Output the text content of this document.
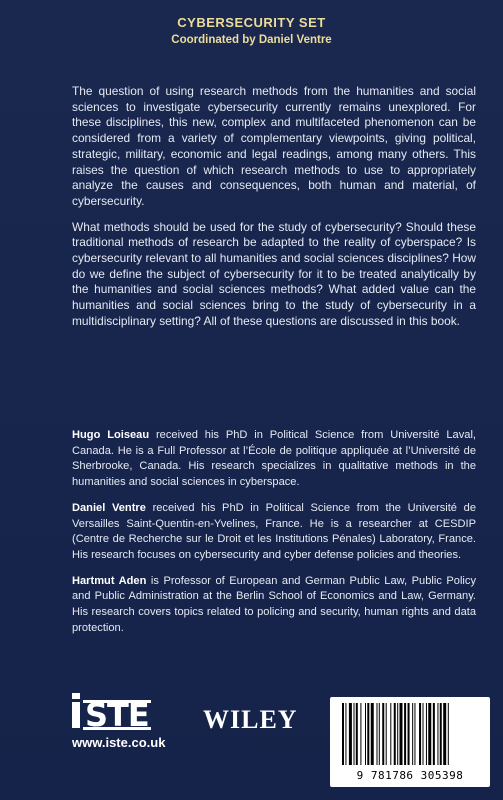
CYBERSECURITY SET
Coordinated by Daniel Ventre

The question of using research methods from the humanities and social sciences to investigate cybersecurity currently remains unexplored. For these disciplines, this new, complex and multifaceted phenomenon can be considered from a variety of complementary viewpoints, giving political, strategic, military, economic and legal readings, among many others. This raises the question of which research methods to use to appropriately analyze the causes and consequences, both human and material, of cybersecurity.

What methods should be used for the study of cybersecurity? Should these traditional methods of research be adapted to the reality of cyberspace? Is cybersecurity relevant to all humanities and social sciences disciplines? How do we define the subject of cybersecurity for it to be treated analytically by the humanities and social sciences methods? What added value can the humanities and social sciences bring to the study of cybersecurity in a multidisciplinary setting? All of these questions are discussed in this book.

Hugo Loiseau received his PhD in Political Science from Université Laval, Canada. He is a Full Professor at l’École de politique appliquée at l’Université de Sherbrooke, Canada. His research specializes in qualitative methods in the humanities and social sciences in cyberspace.

Daniel Ventre received his PhD in Political Science from the Université de Versailles Saint-Quentin-en-Yvelines, France. He is a researcher at CESDIP (Centre de Recherche sur le Droit et les Institutions Pénales) Laboratory, France. His research focuses on cybersecurity and cyber defense policies and theories.

Hartmut Aden is Professor of European and German Public Law, Public Policy and Public Administration at the Berlin School of Economics and Law, Germany. His research covers topics related to policing and security, human rights and data protection.

STE
www.iste.co.uk
WILEY
9 781786 305398
